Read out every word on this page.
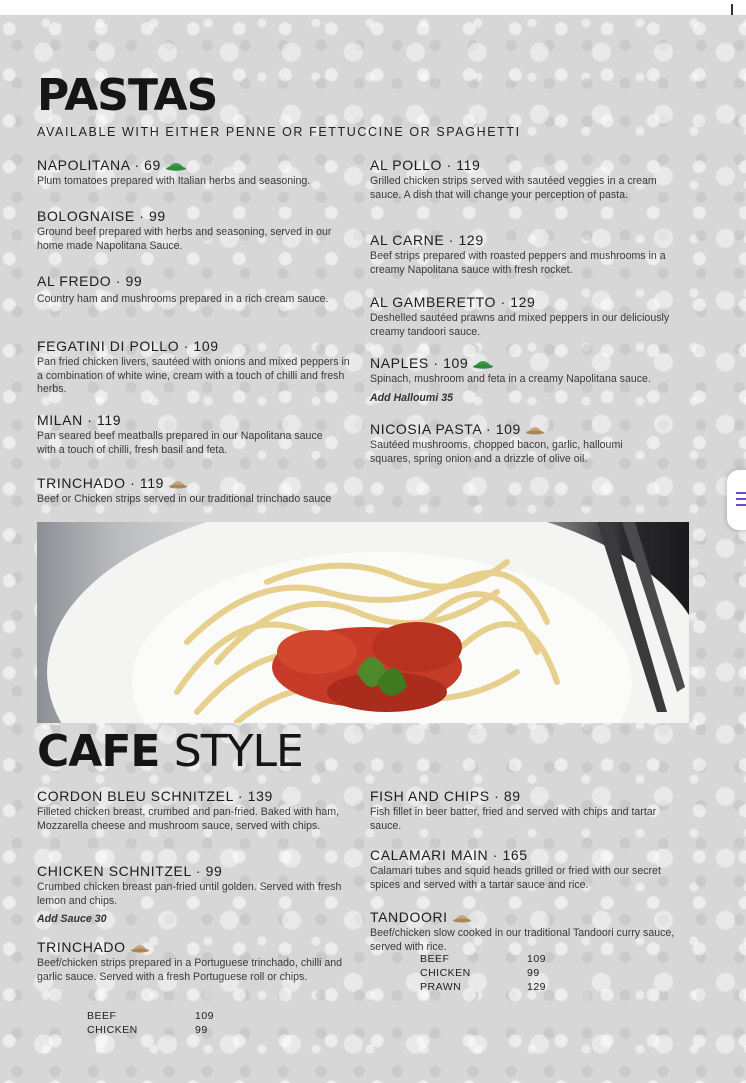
PASTAS
AVAILABLE WITH EITHER PENNE OR FETTUCCINE OR SPAGHETTI
NAPOLITANA · 69
Plum tomatoes prepared with Italian herbs and seasoning.
BOLOGNAISE · 99
Ground beef prepared with herbs and seasoning, served in our home made Napolitana Sauce.
AL FREDO · 99
Country ham and mushrooms prepared in a rich cream sauce.
FEGATINI DI POLLO · 109
Pan fried chicken livers, sautéed with onions and mixed peppers in a combination of white wine, cream with a touch of chilli and fresh herbs.
MILAN · 119
Pan seared beef meatballs prepared in our Napolitana sauce with a touch of chilli, fresh basil and feta.
TRINCHADO · 119
Beef or Chicken strips served in our traditional trinchado sauce
AL POLLO · 119
Grilled chicken strips served with sautéed veggies in a cream sauce. A dish that will change your perception of pasta.
AL CARNE · 129
Beef strips prepared with roasted peppers and mushrooms in a creamy Napolitana sauce with fresh rocket.
AL GAMBERETTO · 129
Deshelled sautéed prawns and mixed peppers in our deliciously creamy tandoori sauce.
NAPLES · 109
Spinach, mushroom and feta in a creamy Napolitana sauce.
Add Halloumi 35
NICOSIA PASTA · 109
Sautéed mushrooms, chopped bacon, garlic, halloumi squares, spring onion and a drizzle of olive oil.
CAFE STYLE
CORDON BLEU SCHNITZEL · 139
Filleted chicken breast, crumbed and pan-fried. Baked with ham, Mozzarella cheese and mushroom sauce, served with chips.
CHICKEN SCHNITZEL · 99
Crumbed chicken breast pan-fried until golden. Served with fresh lemon and chips.
Add Sauce 30
TRINCHADO
Beef/chicken strips prepared in a Portuguese trinchado, chilli and garlic sauce. Served with a fresh Portuguese roll or chips.
BEEF	109
CHICKEN	99
FISH AND CHIPS · 89
Fish fillet in beer batter, fried and served with chips and tartar sauce.
CALAMARI MAIN · 165
Calamari tubes and squid heads grilled or fried with our secret spices and served with a tartar sauce and rice.
TANDOORI
Beef/chicken slow cooked in our traditional Tandoori curry sauce, served with rice.
BEEF	109
CHICKEN	99
PRAWN	129
